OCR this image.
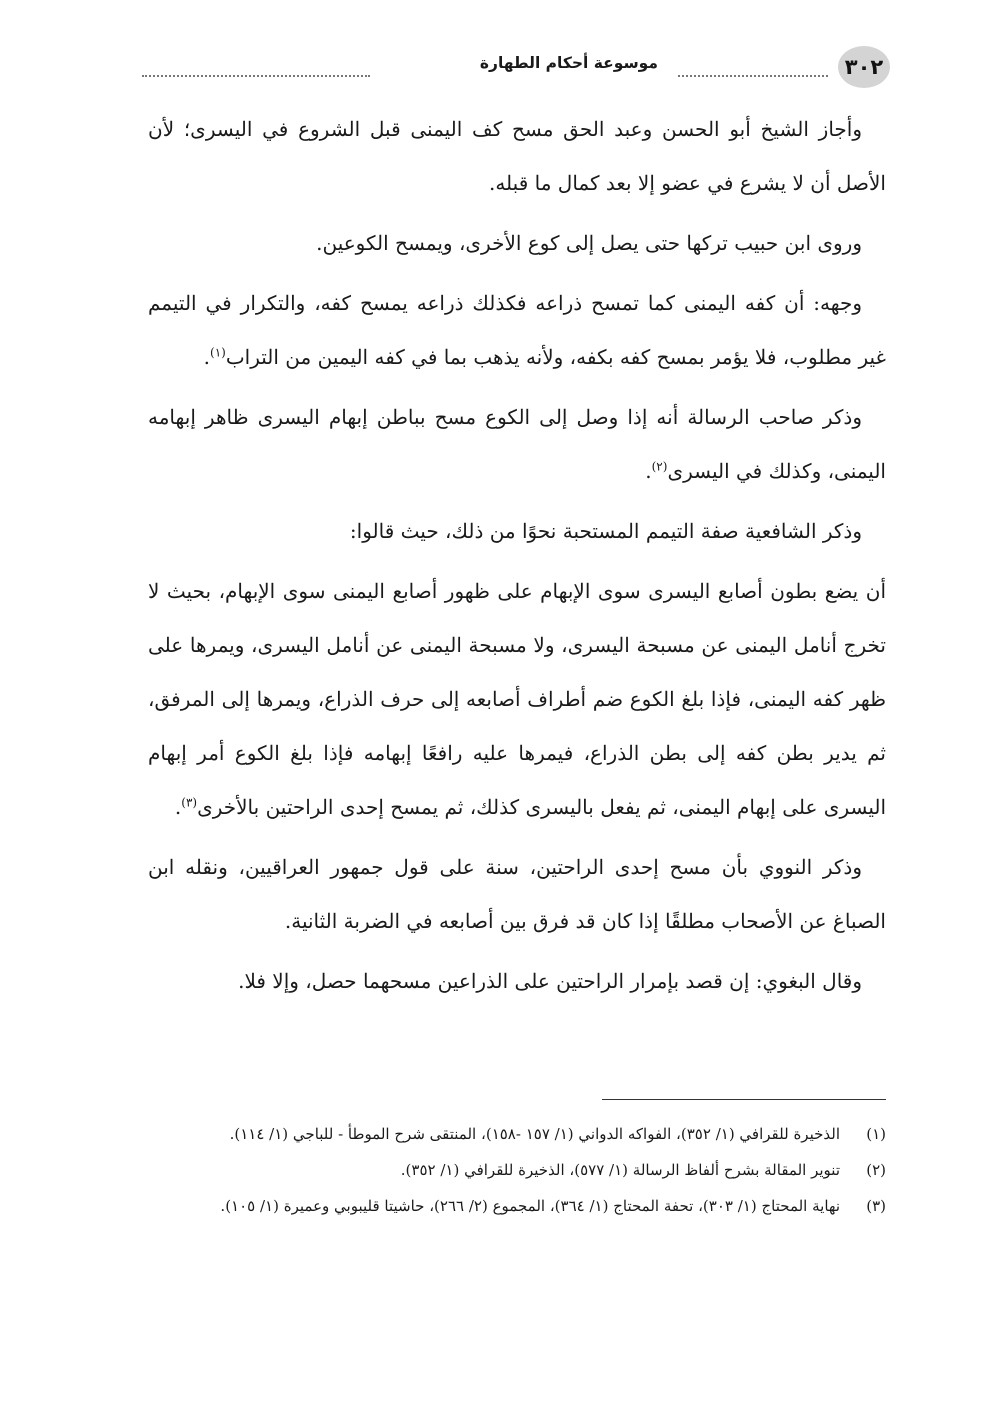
٣٠٢
موسوعة أحكام الطهارة

وأجاز الشيخ أبو الحسن وعبد الحق مسح كف اليمنى قبل الشروع في اليسرى؛ لأن الأصل أن لا يشرع في عضو إلا بعد كمال ما قبله.

وروى ابن حبيب تركها حتى يصل إلى كوع الأخرى، ويمسح الكوعين.

وجهه: أن كفه اليمنى كما تمسح ذراعه فكذلك ذراعه يمسح كفه، والتكرار في التيمم غير مطلوب، فلا يؤمر بمسح كفه بكفه، ولأنه يذهب بما في كفه اليمين من التراب$^{(١)}$.

وذكر صاحب الرسالة أنه إذا وصل إلى الكوع مسح بباطن إبهام اليسرى ظاهر إبهامه اليمنى، وكذلك في اليسرى$^{(٢)}$.

وذكر الشافعية صفة التيمم المستحبة نحوًا من ذلك، حيث قالوا:

أن يضع بطون أصابع اليسرى سوى الإبهام على ظهور أصابع اليمنى سوى الإبهام، بحيث لا تخرج أنامل اليمنى عن مسبحة اليسرى، ولا مسبحة اليمنى عن أنامل اليسرى، ويمرها على ظهر كفه اليمنى، فإذا بلغ الكوع ضم أطراف أصابعه إلى حرف الذراع، ويمرها إلى المرفق، ثم يدير بطن كفه إلى بطن الذراع، فيمرها عليه رافعًا إبهامه فإذا بلغ الكوع أمر إبهام اليسرى على إبهام اليمنى، ثم يفعل باليسرى كذلك، ثم يمسح إحدى الراحتين بالأخرى$^{(٣)}$.

وذكر النووي بأن مسح إحدى الراحتين، سنة على قول جمهور العراقيين، ونقله ابن الصباغ عن الأصحاب مطلقًا إذا كان قد فرق بين أصابعه في الضربة الثانية.

وقال البغوي: إن قصد بإمرار الراحتين على الذراعين مسحهما حصل، وإلا فلا.

(١)
الذخيرة للقرافي (١/ ٣٥٢)، الفواكه الدواني (١/ ١٥٧ -١٥٨)، المنتقى شرح الموطأ - للباجي (١/ ١١٤).
(٢)
تنوير المقالة بشرح ألفاظ الرسالة (١/ ٥٧٧)، الذخيرة للقرافي (١/ ٣٥٢).
(٣)
نهاية المحتاج (١/ ٣٠٣)، تحفة المحتاج (١/ ٣٦٤)، المجموع (٢/ ٢٦٦)، حاشيتا قليبوبي وعميرة (١/ ١٠٥).
